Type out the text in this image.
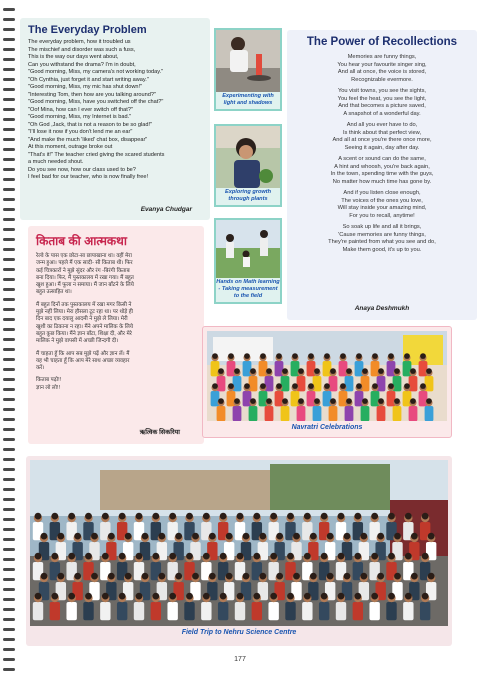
The Everyday Problem
The everyday problem, how it troubled us
The mischief and disorder was such a fuss,
This is the way our days went about,
Can you withstand the drama? I'm in doubt,
"Good morning, Miss, my camera's not working today."
"Oh Cynthia, just forget it and start writing away."
"Good morning, Miss, my mic has shut down!"
"Interesting Tom, then how are you talking around?"
"Good morning, Miss, have you switched off the chat?"
"Oof Mina, how can I ever switch off that?"
"Good morning, Miss, my Internet is bad."
"Oh God ,Jack, that is not a reason to be so glad!"
"I'll lose it now if you don't lend me an ear"
"And make the much 'liked' chat box, disappear"
At this moment, outrage broke out
"That's it!" The teacher cried giving the scared students
a much needed shout.
Do you see now, how our class used to be?
I feel bad for our teacher, who is now finally free!
Evanya Chudgar
किताब की आत्मकथा
रेल्वे के पास एक छोटा-सा छापाखाना था। वहीं मेरा
जन्म हुआ। पहले मैं एक सादी- सी किताब थी। फिर
कई चित्रकारों ने मुझे सुंदर और रंग -बिरंगी किताब
बना दिया। फिर, मैं पुस्तकालय में रखा गया। मैं बहुत
खुश हुआ। मैं फूला न समाया। मैं जान बाँटने के लिये
बहुत उत्साहित था।
मैं बहुत दिनों तक पुस्तकालय में रखा मगर किसी ने
मुझे नहीं लिया। मेरा हौसला टूट रहा था। पर थोड़े ही
दिन बाद एक दयालु आदमी ने मुझे ले लिया। मेरी
खुशी का ठिकाना न रहा। मैंने अपने मालिक के लिये
बहुत कुछ किया। मैंने ज्ञान बाँटा, शिक्षा दी, और मेरे
मालिक ने मुझे वापसी में अच्छी जिन्दगी दी।
मैं चाहता हूँ कि आप सब मुझे पढ़ें और ज्ञान लें। मैं
यह भी चाहता हूँ कि आप मेरे साथ अच्छा व्यवहार
करें।
किताब पढ़ो!!
ज्ञान लो लो!!
ऋत्विक सिकरिया
Experimenting with light and shadows
Exploring growth through plants
Hands on Math learning - Taking measurement to the field
The Power of Recollections
Memories are funny things,
You hear your favourite singer sing,
And all at once, the voice is stored,
Recognizable evermore.
You visit towns, you see the sights,
You feel the heat, you see the light,
And that becomes a picture saved,
A snapshot of a wonderful day.
And all you ever have to do,
Is think about that perfect view,
And all at once you're there once more,
Seeing it again, day after day.
A scent or sound can do the same,
A hint and whoosh, you're back again,
In the town, spending time with the guys,
No matter how much time has gone by.
And if you listen close enough,
The voices of the ones you love,
Will stay inside your amazing mind,
For you to recall, anytime!
So soak up life and all it brings,
'Cause memories are funny things,
They're painted from what you see and do,
Make them good, it's up to you.
Anaya Deshmukh
Navratri Celebrations
Field Trip to Nehru Science Centre
177
